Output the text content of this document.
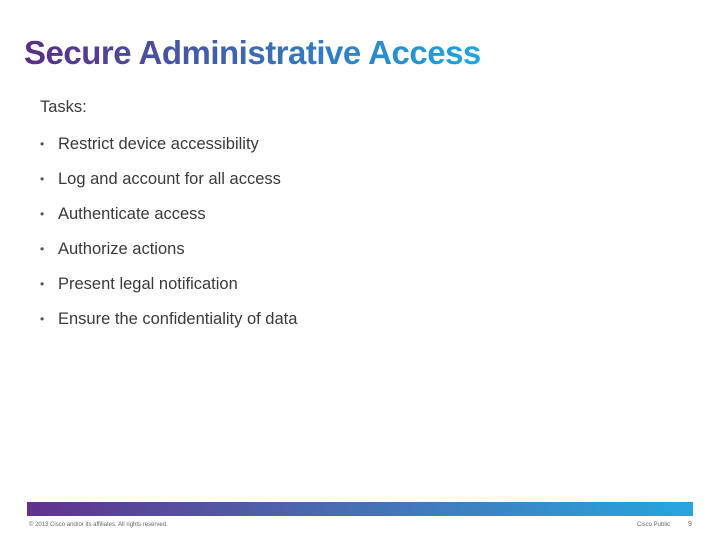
Secure Administrative Access
Tasks:
• Restrict device accessibility
• Log and account for all access
• Authenticate access
• Authorize actions
• Present legal notification
• Ensure the confidentiality of data
© 2013 Cisco and/or its affiliates. All rights reserved.	Cisco Public	9
